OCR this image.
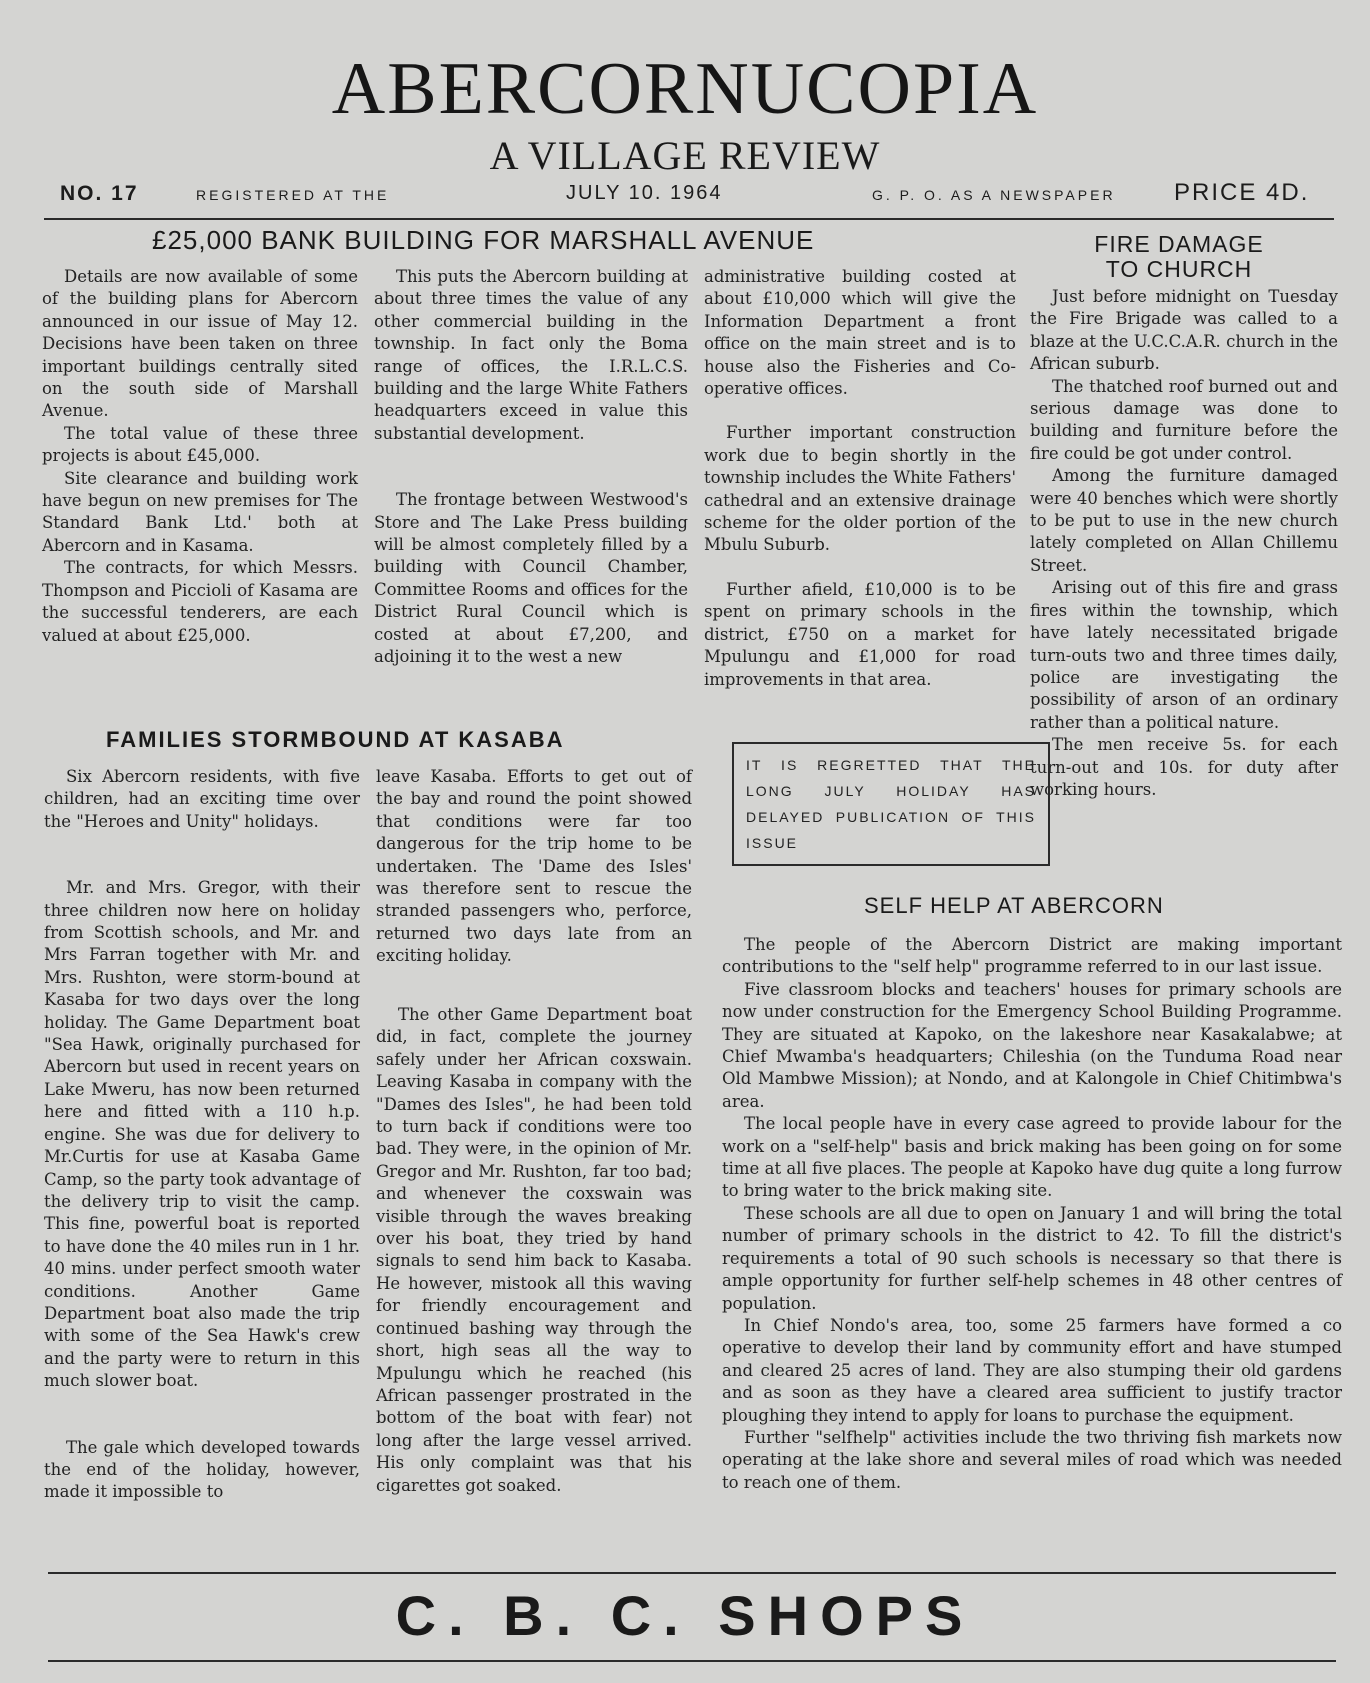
ABERCORNUCOPIA
A VILLAGE REVIEW
NO. 17	REGISTERED AT THE	JULY 10. 1964	G. P. O. AS A NEWSPAPER PRICE 4D.
£25,000 BANK BUILDING FOR MARSHALL AVENUE

Details are now available of some of the building plans for Abercorn announced in our issue of May 12. Decisions have been taken on three important buildings centrally sited on the south side of Marshall Avenue.

The total value of these three projects is about £45,000.

Site clearance and building work have begun on new premises for The Standard Bank Ltd.' both at Abercorn and in Kasama.

The contracts, for which Messrs. Thompson and Piccioli of Kasama are the successful tenderers, are each valued at about £25,000.

This puts the Abercorn building at about three times the value of any other commercial building in the township. In fact only the Boma range of offices, the I.R.L.C.S. building and the large White Fathers headquarters exceed in value this substantial development.

The frontage between Westwood's Store and The Lake Press building will be almost completely filled by a building with Council Chamber, Committee Rooms and offices for the District Rural Council which is costed at about £7,200, and adjoining it to the west a new

administrative building costed at about £10,000 which will give the Information Department a front office on the main street and is to house also the Fisheries and Co-operative offices.

Further important construction work due to begin shortly in the township includes the White Fathers' cathedral and an extensive drainage scheme for the older portion of the Mbulu Suburb.

Further afield, £10,000 is to be spent on primary schools in the district, £750 on a market for Mpulungu and £1,000 for road improvements in that area.

FIRE DAMAGE
TO CHURCH

Just before midnight on Tuesday the Fire Brigade was called to a blaze at the U.C.C.A.R. church in the African suburb.

The thatched roof burned out and serious damage was done to building and furniture before the fire could be got under control.

Among the furniture damaged were 40 benches which were shortly to be put to use in the new church lately completed on Allan Chillemu Street.

Arising out of this fire and grass fires within the township, which have lately necessitated brigade turn-outs two and three times daily, police are investigating the possibility of arson of an ordinary rather than a political nature.

The men receive 5s. for each turn-out and 10s. for duty after working hours.

FAMILIES STORMBOUND AT KASABA

Six Abercorn residents, with five children, had an exciting time over the "Heroes and Unity" holidays.

Mr. and Mrs. Gregor, with their three children now here on holiday from Scottish schools, and Mr. and Mrs Farran together with Mr. and Mrs. Rushton, were storm-bound at Kasaba for two days over the long holiday. The Game Department boat "Sea Hawk, originally purchased for Abercorn but used in recent years on Lake Mweru, has now been returned here and fitted with a 110 h.p. engine. She was due for delivery to Mr.Curtis for use at Kasaba Game Camp, so the party took advantage of the delivery trip to visit the camp. This fine, powerful boat is reported to have done the 40 miles run in 1 hr. 40 mins. under perfect smooth water conditions. Another Game Department boat also made the trip with some of the Sea Hawk's crew and the party were to return in this much slower boat.

The gale which developed towards the end of the holiday, however, made it impossible to

leave Kasaba. Efforts to get out of the bay and round the point showed that conditions were far too dangerous for the trip home to be undertaken. The 'Dame des Isles' was therefore sent to rescue the stranded passengers who, perforce, returned two days late from an exciting holiday.

The other Game Department boat did, in fact, complete the journey safely under her African coxswain. Leaving Kasaba in company with the "Dames des Isles", he had been told to turn back if conditions were too bad. They were, in the opinion of Mr. Gregor and Mr. Rushton, far too bad; and whenever the coxswain was visible through the waves breaking over his boat, they tried by hand signals to send him back to Kasaba. He however, mistook all this waving for friendly encouragement and continued bashing way through the short, high seas all the way to Mpulungu which he reached (his African passenger prostrated in the bottom of the boat with fear) not long after the large vessel arrived. His only complaint was that his cigarettes got soaked.

IT IS REGRETTED THAT THE LONG JULY HOLIDAY HAS DELAYED PUBLICATION OF THIS ISSUE
SELF HELP AT ABERCORN

The people of the Abercorn District are making important contributions to the "self help" programme referred to in our last issue.

Five classroom blocks and teachers' houses for primary schools are now under construction for the Emergency School Building Programme. They are situated at Kapoko, on the lakeshore near Kasakalabwe; at Chief Mwamba's headquarters; Chileshia (on the Tunduma Road near Old Mambwe Mission); at Nondo, and at Kalongole in Chief Chitimbwa's area.

The local people have in every case agreed to provide labour for the work on a "self-help" basis and brick making has been going on for some time at all five places. The people at Kapoko have dug quite a long furrow to bring water to the brick making site.

These schools are all due to open on January 1 and will bring the total number of primary schools in the district to 42. To fill the district's requirements a total of 90 such schools is necessary so that there is ample opportunity for further self-help schemes in 48 other centres of population.

In Chief Nondo's area, too, some 25 farmers have formed a co operative to develop their land by community effort and have stumped and cleared 25 acres of land. They are also stumping their old gardens and as soon as they have a cleared area sufficient to justify tractor ploughing they intend to apply for loans to purchase the equipment.

Further "selfhelp" activities include the two thriving fish markets now operating at the lake shore and several miles of road which was needed to reach one of them.

C. B. C. SHOPS
